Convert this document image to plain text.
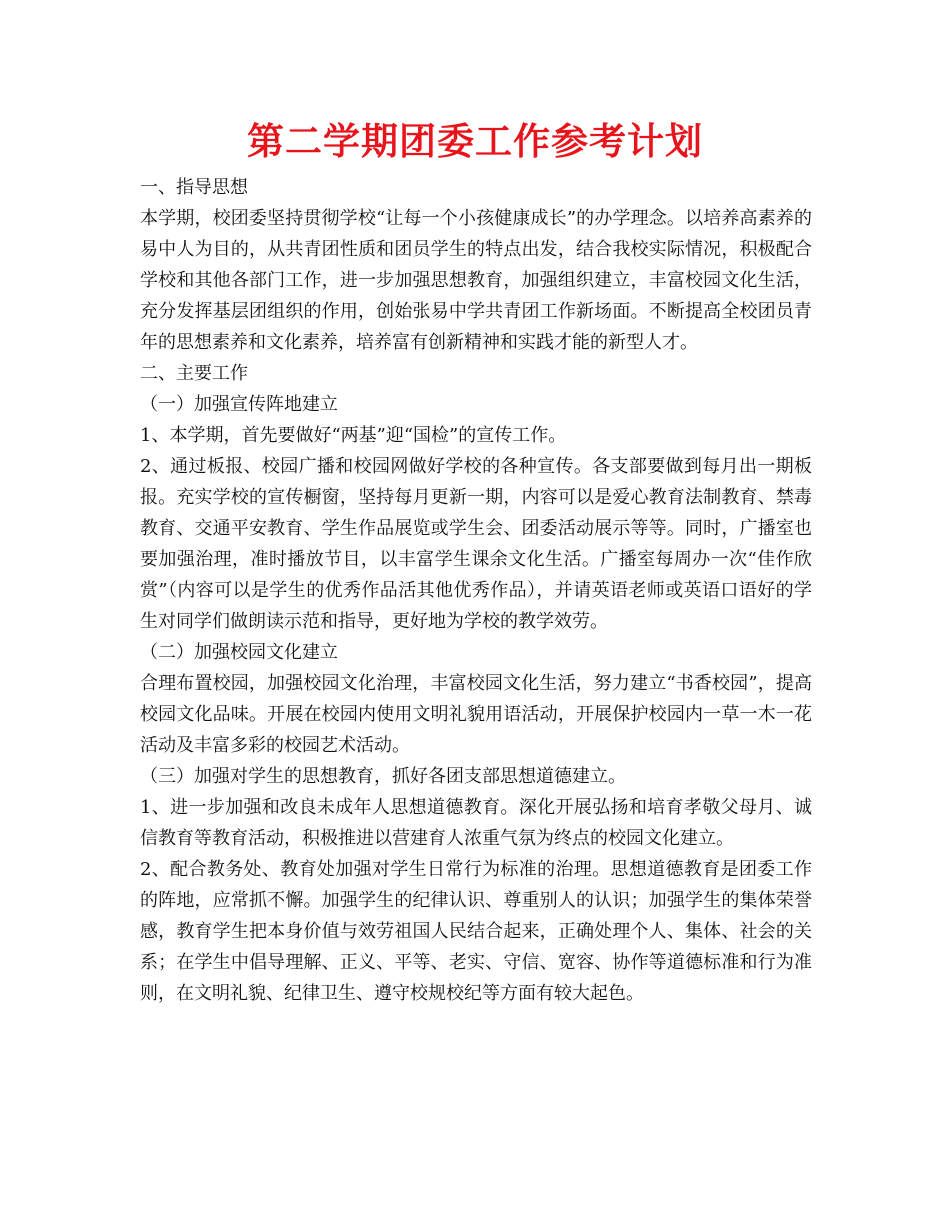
第二学期团委工作参考计划
一、指导思想

本学期，校团委坚持贯彻学校“让每一个小孩健康成长”的办学理念。以培养高素养的易中人为目的，从共青团性质和团员学生的特点出发，结合我校实际情况，积极配合学校和其他各部门工作，进一步加强思想教育，加强组织建立，丰富校园文化生活，充分发挥基层团组织的作用，创始张易中学共青团工作新场面。不断提高全校团员青年的思想素养和文化素养，培养富有创新精神和实践才能的新型人才。

二、主要工作
（一）加强宣传阵地建立

1、本学期，首先要做好“两基”迎“国检”的宣传工作。

2、通过板报、校园广播和校园网做好学校的各种宣传。各支部要做到每月出一期板报。充实学校的宣传橱窗，坚持每月更新一期，内容可以是爱心教育法制教育、禁毒教育、交通平安教育、学生作品展览或学生会、团委活动展示等等。同时，广播室也要加强治理，准时播放节目，以丰富学生课余文化生活。广播室每周办一次“佳作欣赏”（内容可以是学生的优秀作品活其他优秀作品），并请英语老师或英语口语好的学生对同学们做朗读示范和指导，更好地为学校的教学效劳。

（二）加强校园文化建立

合理布置校园，加强校园文化治理，丰富校园文化生活，努力建立“书香校园”，提高校园文化品味。开展在校园内使用文明礼貌用语活动，开展保护校园内一草一木一花活动及丰富多彩的校园艺术活动。

（三）加强对学生的思想教育，抓好各团支部思想道德建立。

1、进一步加强和改良未成年人思想道德教育。深化开展弘扬和培育孝敬父母月、诚信教育等教育活动，积极推进以营建育人浓重气氛为终点的校园文化建立。

2、配合教务处、教育处加强对学生日常行为标准的治理。思想道德教育是团委工作的阵地，应常抓不懈。加强学生的纪律认识、尊重别人的认识；加强学生的集体荣誉感，教育学生把本身价值与效劳祖国人民结合起来，正确处理个人、集体、社会的关系；在学生中倡导理解、正义、平等、老实、守信、宽容、协作等道德标准和行为准则，在文明礼貌、纪律卫生、遵守校规校纪等方面有较大起色。
